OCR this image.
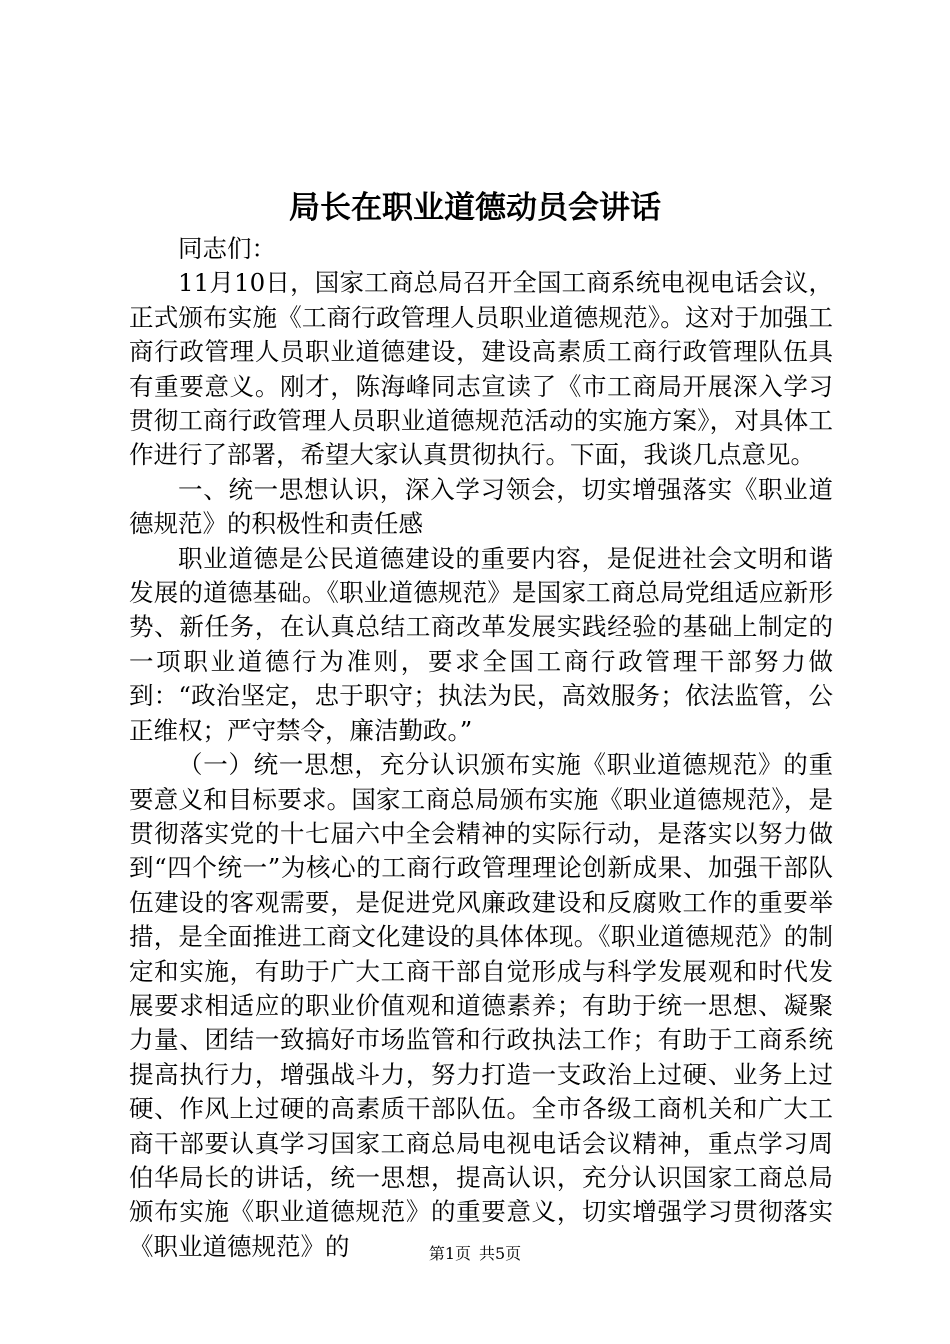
局长在职业道德动员会讲话

同志们：

11月10日，国家工商总局召开全国工商系统电视电话会议，正式颁布实施《工商行政管理人员职业道德规范》。这对于加强工商行政管理人员职业道德建设，建设高素质工商行政管理队伍具有重要意义。刚才，陈海峰同志宣读了《市工商局开展深入学习贯彻工商行政管理人员职业道德规范活动的实施方案》，对具体工作进行了部署，希望大家认真贯彻执行。下面，我谈几点意见。

一、统一思想认识，深入学习领会，切实增强落实《职业道德规范》的积极性和责任感

职业道德是公民道德建设的重要内容，是促进社会文明和谐发展的道德基础。《职业道德规范》是国家工商总局党组适应新形势、新任务，在认真总结工商改革发展实践经验的基础上制定的一项职业道德行为准则，要求全国工商行政管理干部努力做到：“政治坚定，忠于职守；执法为民，高效服务；依法监管，公正维权；严守禁令，廉洁勤政。”

（一）统一思想，充分认识颁布实施《职业道德规范》的重要意义和目标要求。国家工商总局颁布实施《职业道德规范》，是贯彻落实党的十七届六中全会精神的实际行动，是落实以努力做到“四个统一”为核心的工商行政管理理论创新成果、加强干部队伍建设的客观需要，是促进党风廉政建设和反腐败工作的重要举措，是全面推进工商文化建设的具体体现。《职业道德规范》的制定和实施，有助于广大工商干部自觉形成与科学发展观和时代发展要求相适应的职业价值观和道德素养；有助于统一思想、凝聚力量、团结一致搞好市场监管和行政执法工作；有助于工商系统提高执行力，增强战斗力，努力打造一支政治上过硬、业务上过硬、作风上过硬的高素质干部队伍。全市各级工商机关和广大工商干部要认真学习国家工商总局电视电话会议精神，重点学习周伯华局长的讲话，统一思想，提高认识，充分认识国家工商总局颁布实施《职业道德规范》的重要意义，切实增强学习贯彻落实《职业道德规范》的	第1页 共5页
